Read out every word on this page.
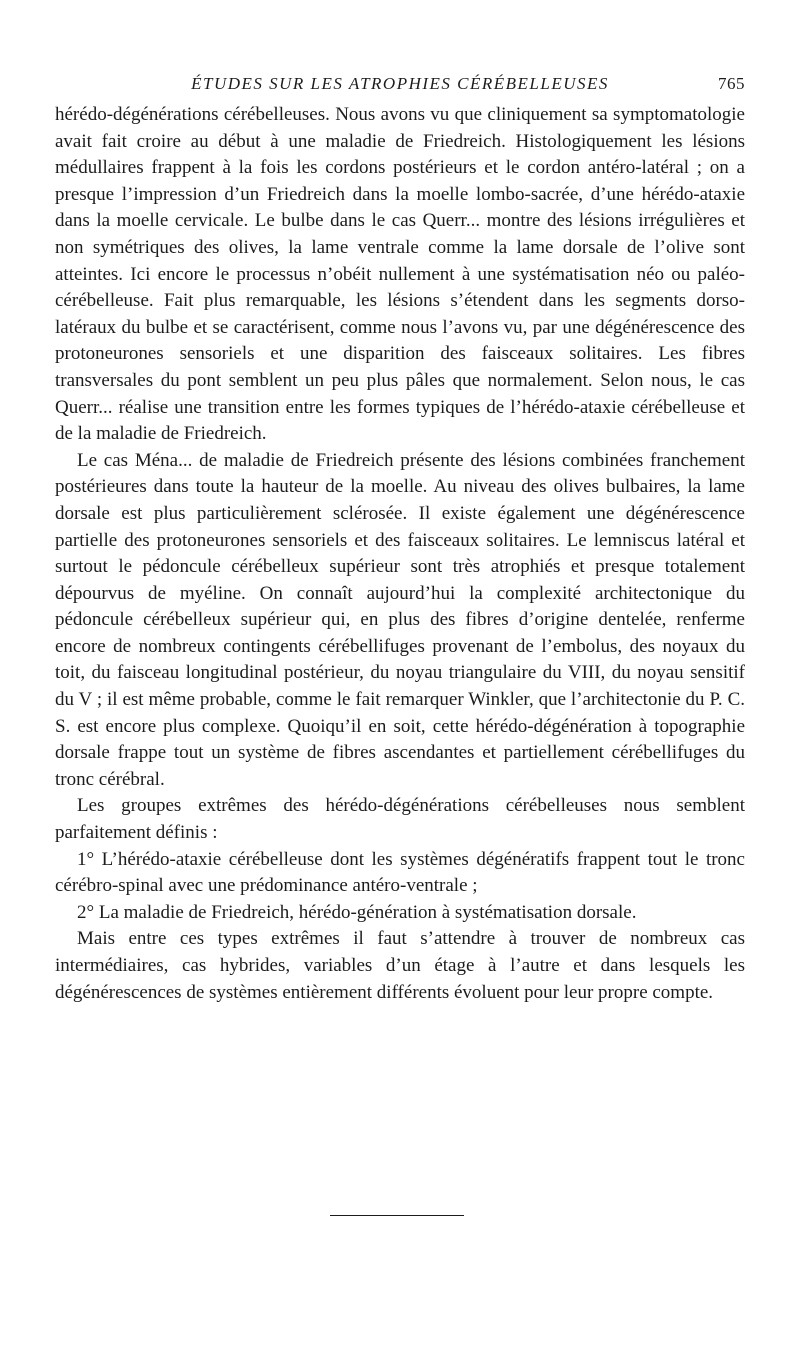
ÉTUDES SUR LES ATROPHIES CÉRÉBELLEUSES	765

hérédo-dégénérations cérébelleuses. Nous avons vu que cliniquement sa symptomatologie avait fait croire au début à une maladie de Friedreich. Histologiquement les lésions médullaires frappent à la fois les cordons postérieurs et le cordon antéro-latéral ; on a presque l’impression d’un Friedreich dans la moelle lombo-sacrée, d’une hérédo-ataxie dans la moelle cervicale. Le bulbe dans le cas Querr... montre des lésions irrégulières et non symétriques des olives, la lame ventrale comme la lame dorsale de l’olive sont atteintes. Ici encore le processus n’obéit nullement à une systématisation néo ou paléo-cérébelleuse. Fait plus remarquable, les lésions s’étendent dans les segments dorso-latéraux du bulbe et se caractérisent, comme nous l’avons vu, par une dégénérescence des protoneurones sensoriels et une disparition des faisceaux solitaires. Les fibres transversales du pont semblent un peu plus pâles que normalement. Selon nous, le cas Querr... réalise une transition entre les formes typiques de l’hérédo-ataxie cérébelleuse et de la maladie de Friedreich.

Le cas Ména... de maladie de Friedreich présente des lésions combinées franchement postérieures dans toute la hauteur de la moelle. Au niveau des olives bulbaires, la lame dorsale est plus particulièrement sclérosée. Il existe également une dégénérescence partielle des protoneurones sensoriels et des faisceaux solitaires. Le lemniscus latéral et surtout le pédoncule cérébelleux supérieur sont très atrophiés et presque totalement dépourvus de myéline. On connaît aujourd’hui la complexité architectonique du pédoncule cérébelleux supérieur qui, en plus des fibres d’origine dentelée, renferme encore de nombreux contingents cérébellifuges provenant de l’embolus, des noyaux du toit, du faisceau longitudinal postérieur, du noyau triangulaire du VIII, du noyau sensitif du V ; il est même probable, comme le fait remarquer Winkler, que l’architectonie du P. C. S. est encore plus complexe. Quoiqu’il en soit, cette hérédo-dégénération à topographie dorsale frappe tout un système de fibres ascendantes et partiellement cérébellifuges du tronc cérébral.

Les groupes extrêmes des hérédo-dégénérations cérébelleuses nous semblent parfaitement définis :

1° L’hérédo-ataxie cérébelleuse dont les systèmes dégénératifs frappent tout le tronc cérébro-spinal avec une prédominance antéro-ventrale ;

2° La maladie de Friedreich, hérédo-génération à systématisation dorsale.

Mais entre ces types extrêmes il faut s’attendre à trouver de nombreux cas intermédiaires, cas hybrides, variables d’un étage à l’autre et dans lesquels les dégénérescences de systèmes entièrement différents évoluent pour leur propre compte.
